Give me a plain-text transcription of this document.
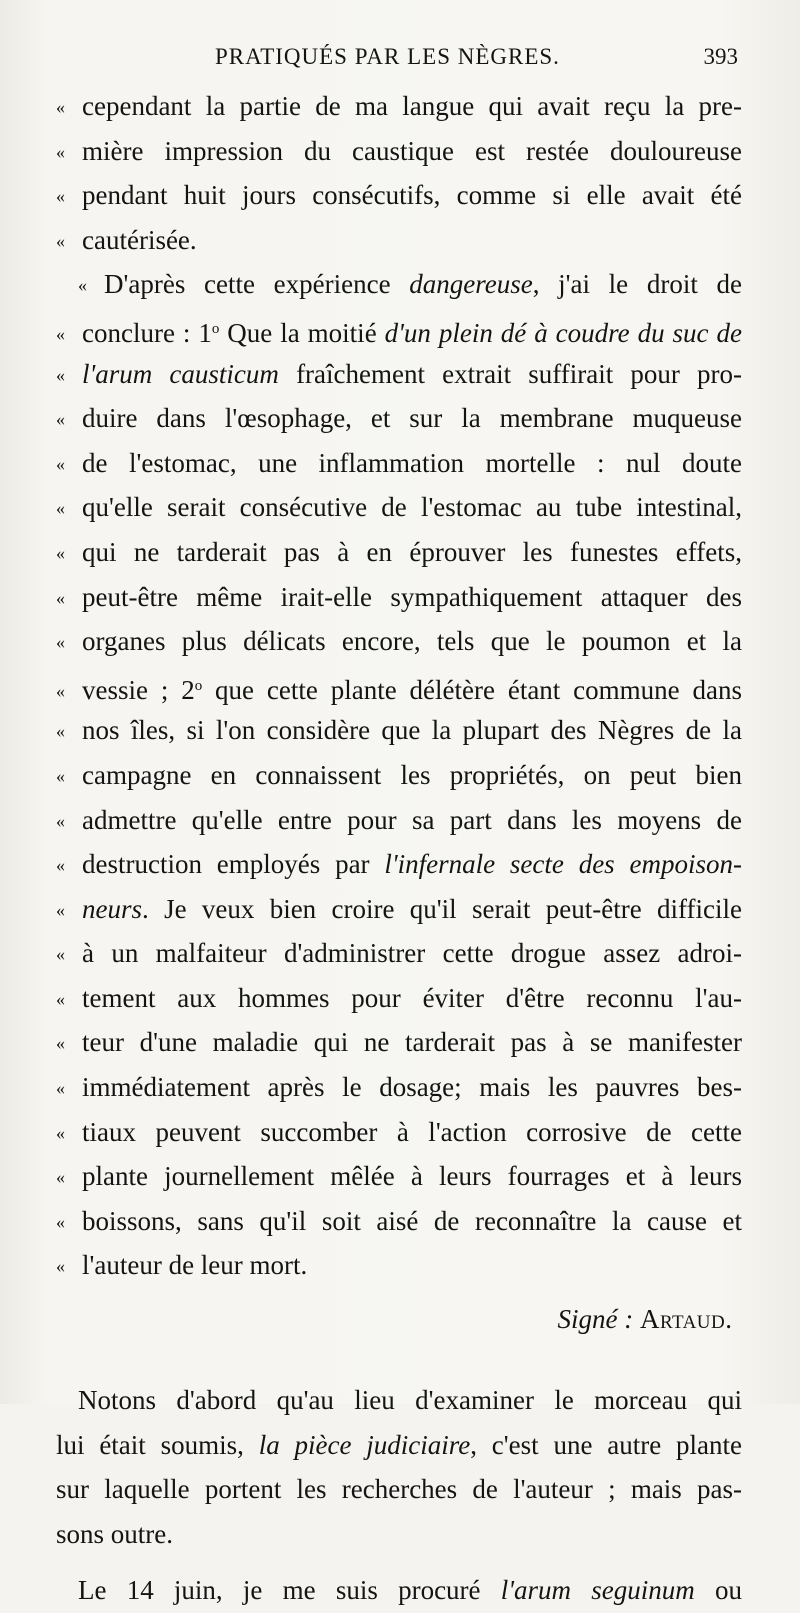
PRATIQUÉS PAR LES NÈGRES.	393
« cependant la partie de ma langue qui avait reçu la pre-
« mière impression du caustique est restée douloureuse
« pendant huit jours consécutifs, comme si elle avait été
« cautérisée.
« D'après cette expérience dangereuse, j'ai le droit de
« conclure : 1$^o$ Que la moitié d'un plein dé à coudre du suc de
« l'arum causticum fraîchement extrait suffirait pour pro-
« duire dans l'œsophage, et sur la membrane muqueuse
« de l'estomac, une inflammation mortelle : nul doute
« qu'elle serait consécutive de l'estomac au tube intestinal,
« qui ne tarderait pas à en éprouver les funestes effets,
« peut-être même irait-elle sympathiquement attaquer des
« organes plus délicats encore, tels que le poumon et la
« vessie ; 2$^o$ que cette plante délétère étant commune dans
« nos îles, si l'on considère que la plupart des Nègres de la
« campagne en connaissent les propriétés, on peut bien
« admettre qu'elle entre pour sa part dans les moyens de
« destruction employés par l'infernale secte des empoison-
« neurs. Je veux bien croire qu'il serait peut-être difficile
« à un malfaiteur d'administrer cette drogue assez adroi-
« tement aux hommes pour éviter d'être reconnu l'au-
« teur d'une maladie qui ne tarderait pas à se manifester
« immédiatement après le dosage; mais les pauvres bes-
« tiaux peuvent succomber à l'action corrosive de cette
« plante journellement mêlée à leurs fourrages et à leurs
« boissons, sans qu'il soit aisé de reconnaître la cause et
« l'auteur de leur mort.
Signé : Artaud.
Notons d'abord qu'au lieu d'examiner le morceau qui
lui était soumis, la pièce judiciaire, c'est une autre plante
sur laquelle portent les recherches de l'auteur ; mais pas-
sons outre.
Le 14 juin, je me suis procuré l'arum seguinum ou
